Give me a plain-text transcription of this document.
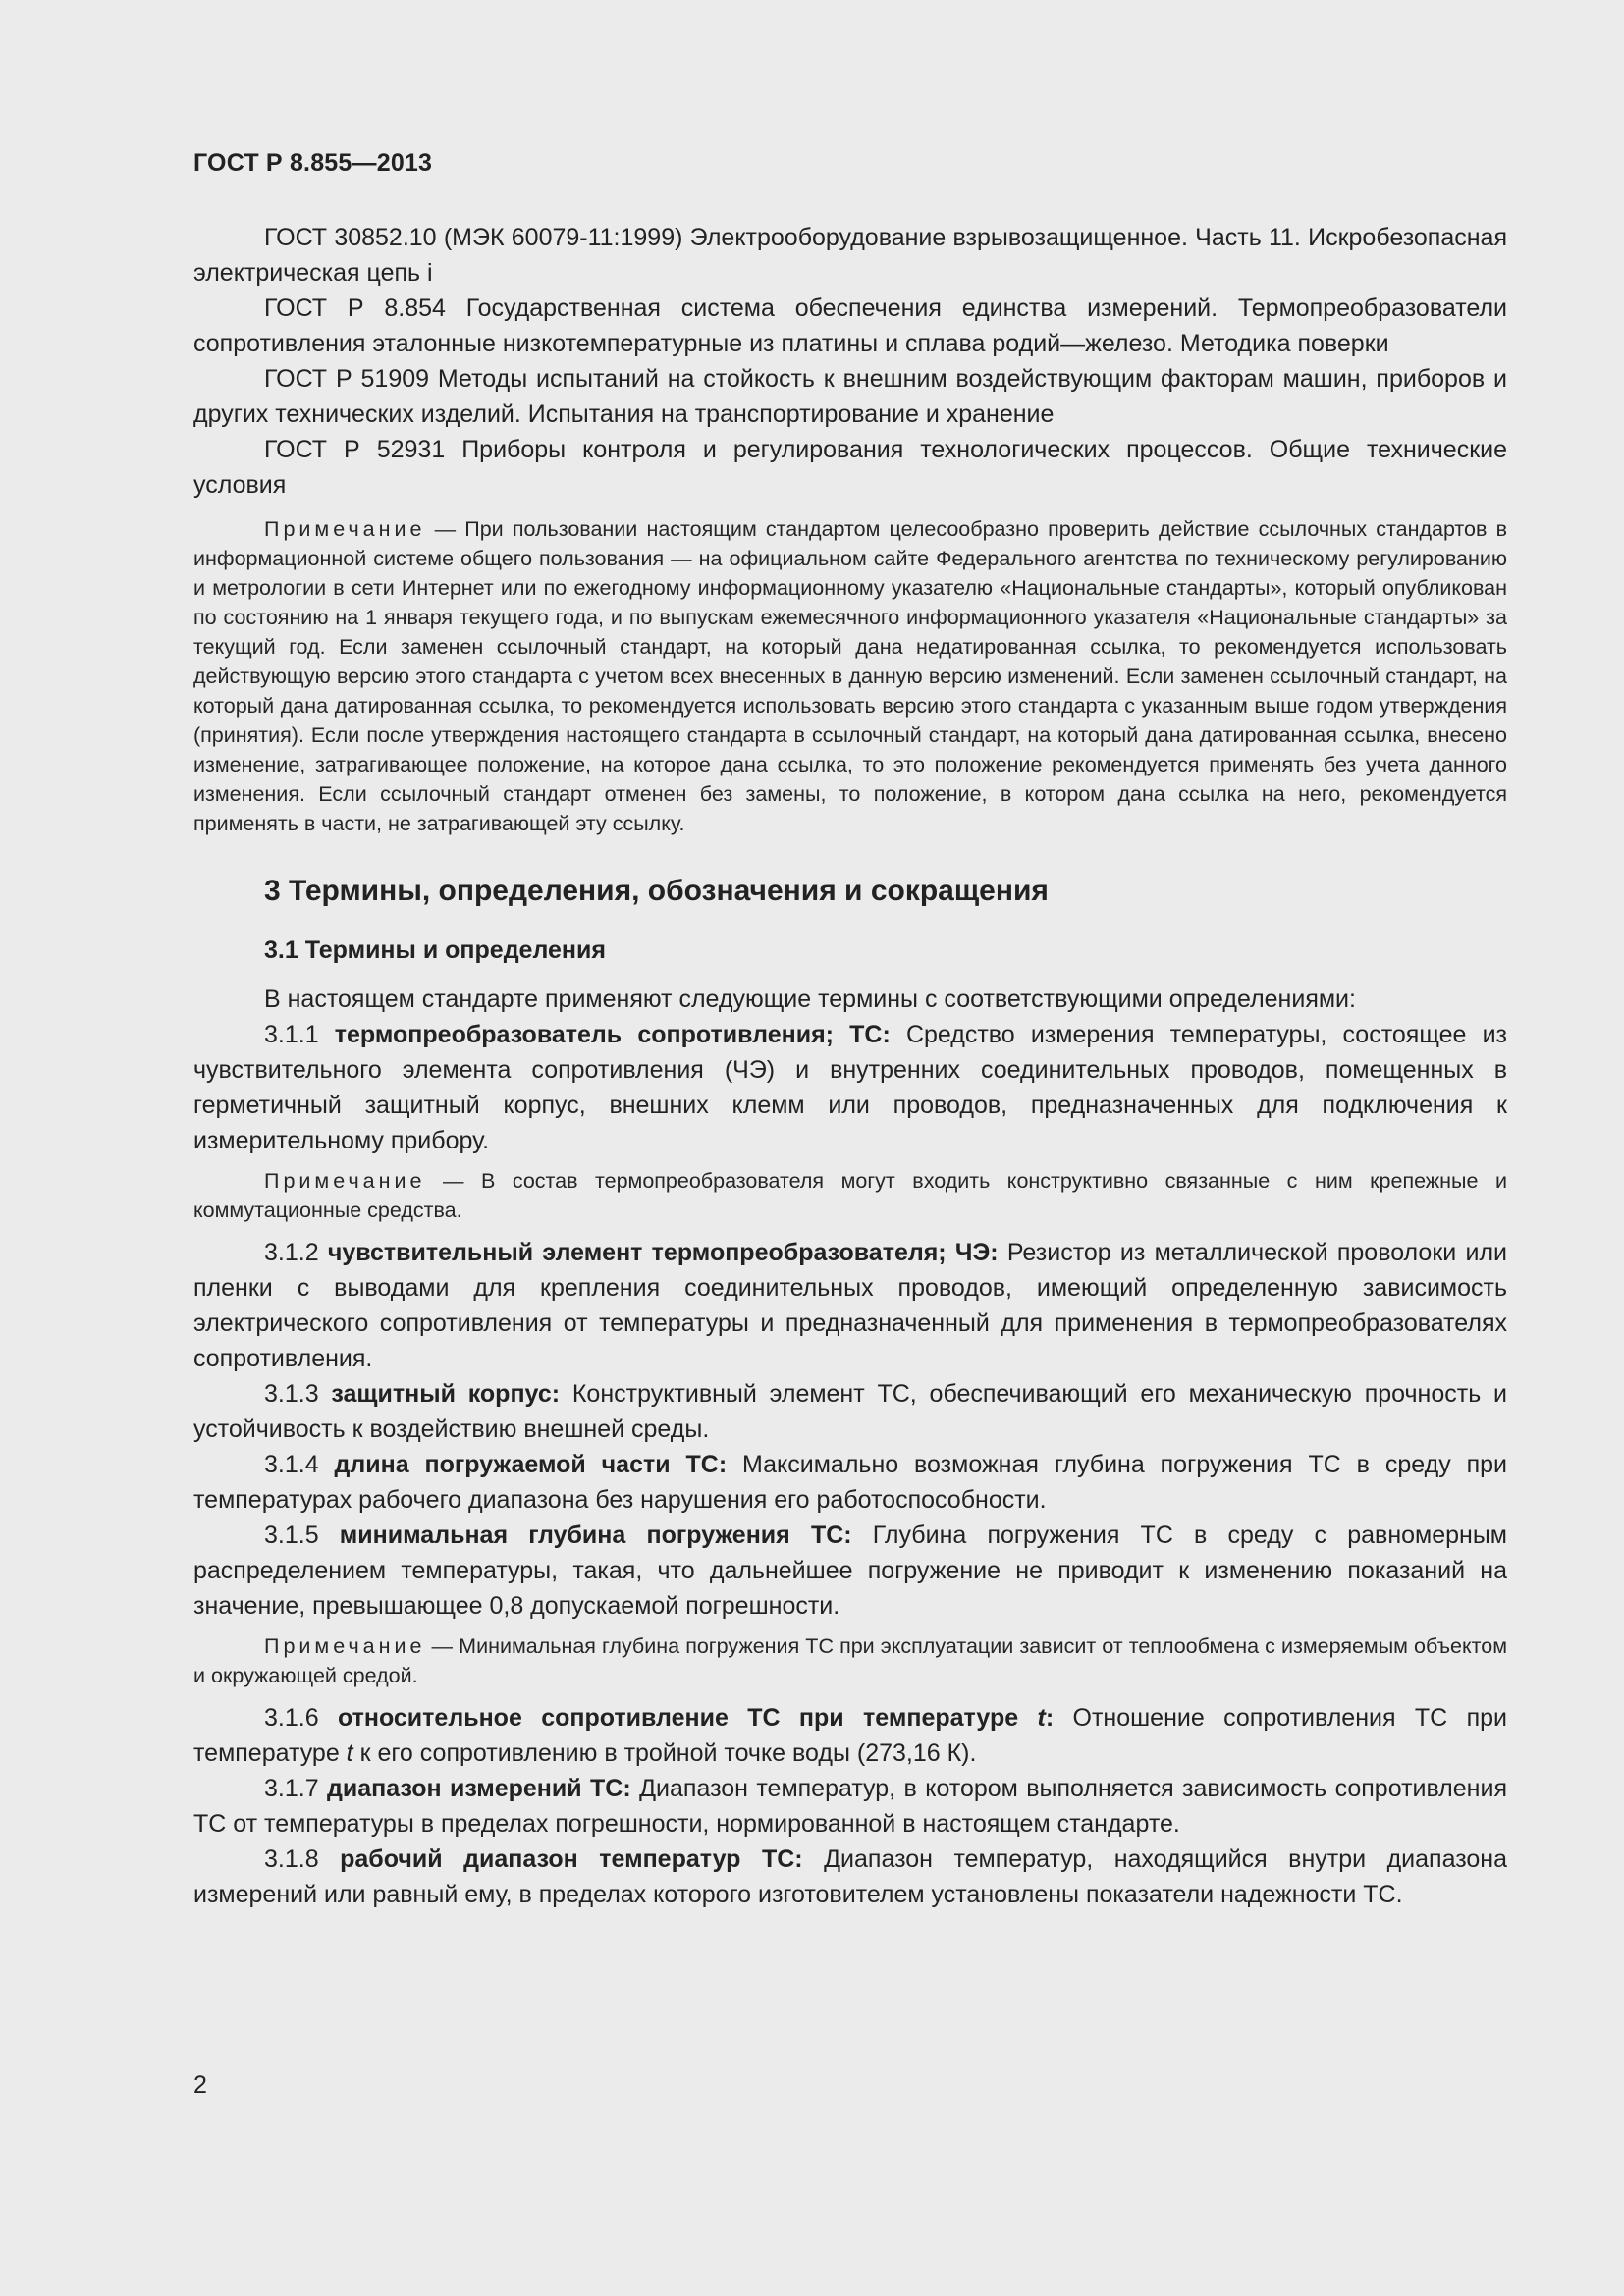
ГОСТ Р 8.855—2013

ГОСТ 30852.10 (МЭК 60079-11:1999) Электрооборудование взрывозащищенное. Часть 11. Искробезопасная электрическая цепь i

ГОСТ Р 8.854 Государственная система обеспечения единства измерений. Термопреобразователи сопротивления эталонные низкотемпературные из платины и сплава родий—железо. Методика поверки

ГОСТ Р 51909 Методы испытаний на стойкость к внешним воздействующим факторам машин, приборов и других технических изделий. Испытания на транспортирование и хранение

ГОСТ Р 52931 Приборы контроля и регулирования технологических процессов. Общие технические условия

Примечание — При пользовании настоящим стандартом целесообразно проверить действие ссылочных стандартов в информационной системе общего пользования — на официальном сайте Федерального агентства по техническому регулированию и метрологии в сети Интернет или по ежегодному информационному указателю «Национальные стандарты», который опубликован по состоянию на 1 января текущего года, и по выпускам ежемесячного информационного указателя «Национальные стандарты» за текущий год. Если заменен ссылочный стандарт, на который дана недатированная ссылка, то рекомендуется использовать действующую версию этого стандарта с учетом всех внесенных в данную версию изменений. Если заменен ссылочный стандарт, на который дана датированная ссылка, то рекомендуется использовать версию этого стандарта с указанным выше годом утверждения (принятия). Если после утверждения настоящего стандарта в ссылочный стандарт, на который дана датированная ссылка, внесено изменение, затрагивающее положение, на которое дана ссылка, то это положение рекомендуется применять без учета данного изменения. Если ссылочный стандарт отменен без замены, то положение, в котором дана ссылка на него, рекомендуется применять в части, не затрагивающей эту ссылку.

3 Термины, определения, обозначения и сокращения
3.1 Термины и определения

В настоящем стандарте применяют следующие термины с соответствующими определениями:

3.1.1 термопреобразователь сопротивления; ТС: Средство измерения температуры, состоящее из чувствительного элемента сопротивления (ЧЭ) и внутренних соединительных проводов, помещенных в герметичный защитный корпус, внешних клемм или проводов, предназначенных для подключения к измерительному прибору.

Примечание — В состав термопреобразователя могут входить конструктивно связанные с ним крепежные и коммутационные средства.

3.1.2 чувствительный элемент термопреобразователя; ЧЭ: Резистор из металлической проволоки или пленки с выводами для крепления соединительных проводов, имеющий определенную зависимость электрического сопротивления от температуры и предназначенный для применения в термопреобразователях сопротивления.

3.1.3 защитный корпус: Конструктивный элемент ТС, обеспечивающий его механическую прочность и устойчивость к воздействию внешней среды.

3.1.4 длина погружаемой части ТС: Максимально возможная глубина погружения ТС в среду при температурах рабочего диапазона без нарушения его работоспособности.

3.1.5 минимальная глубина погружения ТС: Глубина погружения ТС в среду с равномерным распределением температуры, такая, что дальнейшее погружение не приводит к изменению показаний на значение, превышающее 0,8 допускаемой погрешности.

Примечание — Минимальная глубина погружения ТС при эксплуатации зависит от теплообмена с измеряемым объектом и окружающей средой.

3.1.6 относительное сопротивление ТС при температуре t: Отношение сопротивления ТС при температуре t к его сопротивлению в тройной точке воды (273,16 К).

3.1.7 диапазон измерений ТС: Диапазон температур, в котором выполняется зависимость сопротивления ТС от температуры в пределах погрешности, нормированной в настоящем стандарте.

3.1.8 рабочий диапазон температур ТС: Диапазон температур, находящийся внутри диапазона измерений или равный ему, в пределах которого изготовителем установлены показатели надежности ТС.

2
